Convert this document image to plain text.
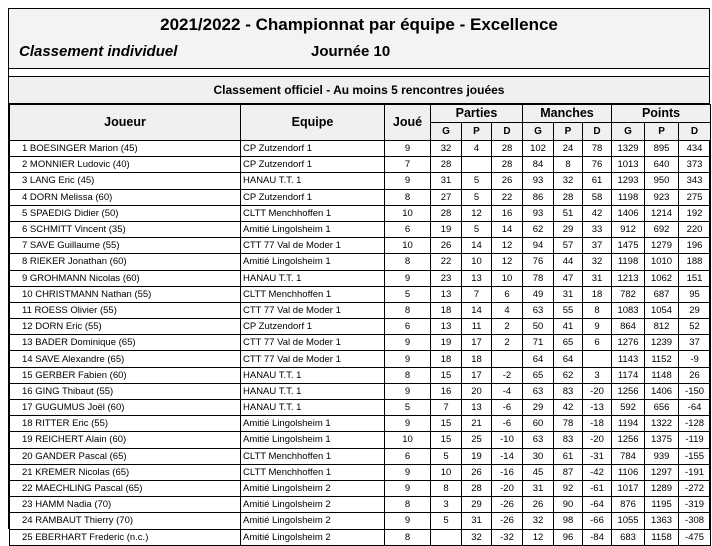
2021/2022 - Championnat par équipe - Excellence
Classement individuel	Journée 10
Classement officiel - Au moins 5 rencontres jouées
Joueur	Equipe	Joué	Parties			Manches			Points		
			G	P	D	G	P	D	G	P	D
1 BOESINGER Marion (45)	CP Zutzendorf 1	9	32	4	28	102	24	78	1329	895	434
2 MONNIER Ludovic (40)	CP Zutzendorf 1	7	28		28	84	8	76	1013	640	373
3 LANG Eric (45)	HANAU T.T. 1	9	31	5	26	93	32	61	1293	950	343
4 DORN Melissa (60)	CP Zutzendorf 1	8	27	5	22	86	28	58	1198	923	275
5 SPAEDIG Didier (50)	CLTT Menchhoffen 1	10	28	12	16	93	51	42	1406	1214	192
6 SCHMITT Vincent (35)	Amitié Lingolsheim 1	6	19	5	14	62	29	33	912	692	220
7 SAVE Guillaume (55)	CTT 77 Val de Moder 1	10	26	14	12	94	57	37	1475	1279	196
8 RIEKER Jonathan (60)	Amitié Lingolsheim 1	8	22	10	12	76	44	32	1198	1010	188
9 GROHMANN Nicolas (60)	HANAU T.T. 1	9	23	13	10	78	47	31	1213	1062	151
10 CHRISTMANN Nathan (55)	CLTT Menchhoffen 1	5	13	7	6	49	31	18	782	687	95
11 ROESS Olivier (55)	CTT 77 Val de Moder 1	8	18	14	4	63	55	8	1083	1054	29
12 DORN Eric (55)	CP Zutzendorf 1	6	13	11	2	50	41	9	864	812	52
13 BADER Dominique (65)	CTT 77 Val de Moder 1	9	19	17	2	71	65	6	1276	1239	37
14 SAVE Alexandre (65)	CTT 77 Val de Moder 1	9	18	18		64	64		1143	1152	-9
15 GERBER Fabien (60)	HANAU T.T. 1	8	15	17	-2	65	62	3	1174	1148	26
16 GING Thibaut (55)	HANAU T.T. 1	9	16	20	-4	63	83	-20	1256	1406	-150
17 GUGUMUS Joël (60)	HANAU T.T. 1	5	7	13	-6	29	42	-13	592	656	-64
18 RITTER Eric (55)	Amitié Lingolsheim 1	9	15	21	-6	60	78	-18	1194	1322	-128
19 REICHERT Alain (60)	Amitié Lingolsheim 1	10	15	25	-10	63	83	-20	1256	1375	-119
20 GANDER Pascal (65)	CLTT Menchhoffen 1	6	5	19	-14	30	61	-31	784	939	-155
21 KREMER Nicolas (65)	CLTT Menchhoffen 1	9	10	26	-16	45	87	-42	1106	1297	-191
22 MAECHLING Pascal (65)	Amitié Lingolsheim 2	9	8	28	-20	31	92	-61	1017	1289	-272
23 HAMM Nadia (70)	Amitié Lingolsheim 2	8	3	29	-26	26	90	-64	876	1195	-319
24 RAMBAUT Thierry (70)	Amitié Lingolsheim 2	9	5	31	-26	32	98	-66	1055	1363	-308
25 EBERHART Frederic (n.c.)	Amitié Lingolsheim 2	8		32	-32	12	96	-84	683	1158	-475
